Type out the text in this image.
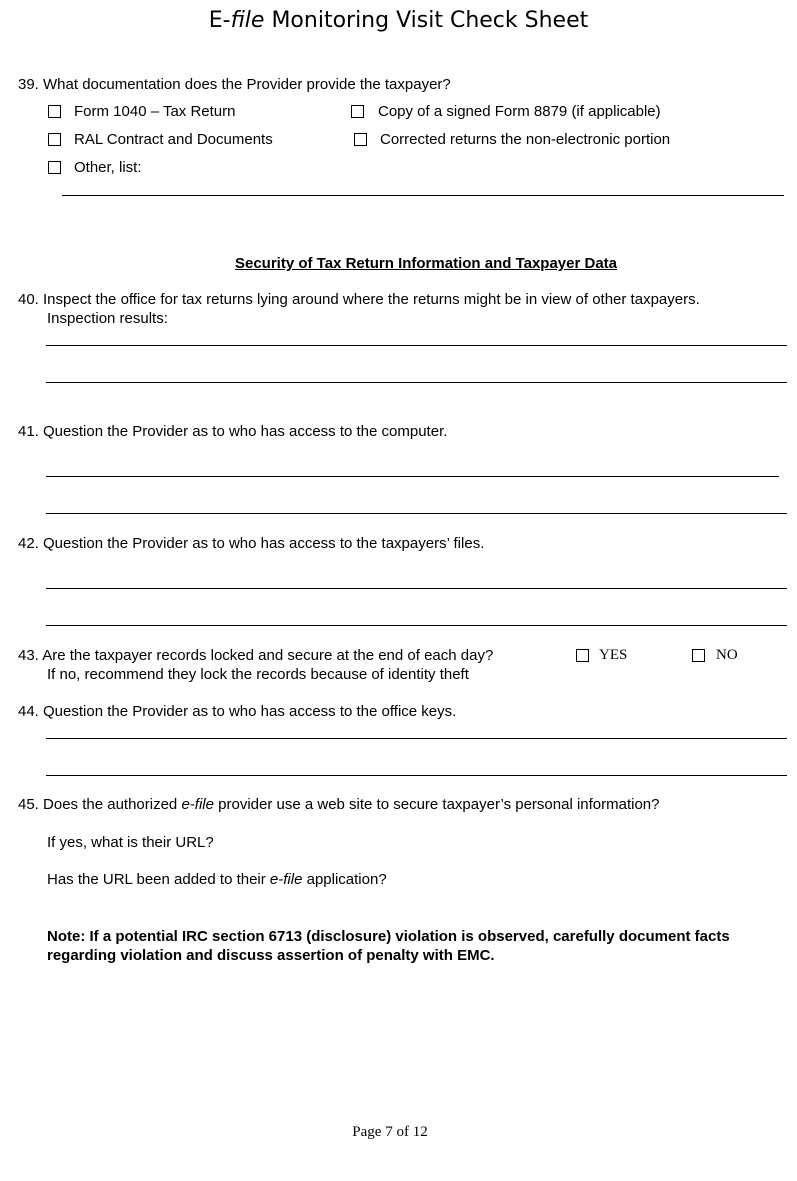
E-file Monitoring Visit Check Sheet
39. What documentation does the Provider provide the taxpayer?
Form 1040 – Tax Return	Copy of a signed Form 8879 (if applicable)
RAL Contract and Documents	Corrected returns the non-electronic portion
Other, list:
Security of Tax Return Information and Taxpayer Data
40. Inspect the office for tax returns lying around where the returns might be in view of other taxpayers.
Inspection results:
41. Question the Provider as to who has access to the computer.
42. Question the Provider as to who has access to the taxpayers’ files.
43. Are the taxpayer records locked and secure at the end of each day?	YES	NO
If no, recommend they lock the records because of identity theft
44. Question the Provider as to who has access to the office keys.
45. Does the authorized e-file provider use a web site to secure taxpayer’s personal information?
If yes, what is their URL?
Has the URL been added to their e-file application?
Note: If a potential IRC section 6713 (disclosure) violation is observed, carefully document facts
regarding violation and discuss assertion of penalty with EMC.
Page 7 of 12
